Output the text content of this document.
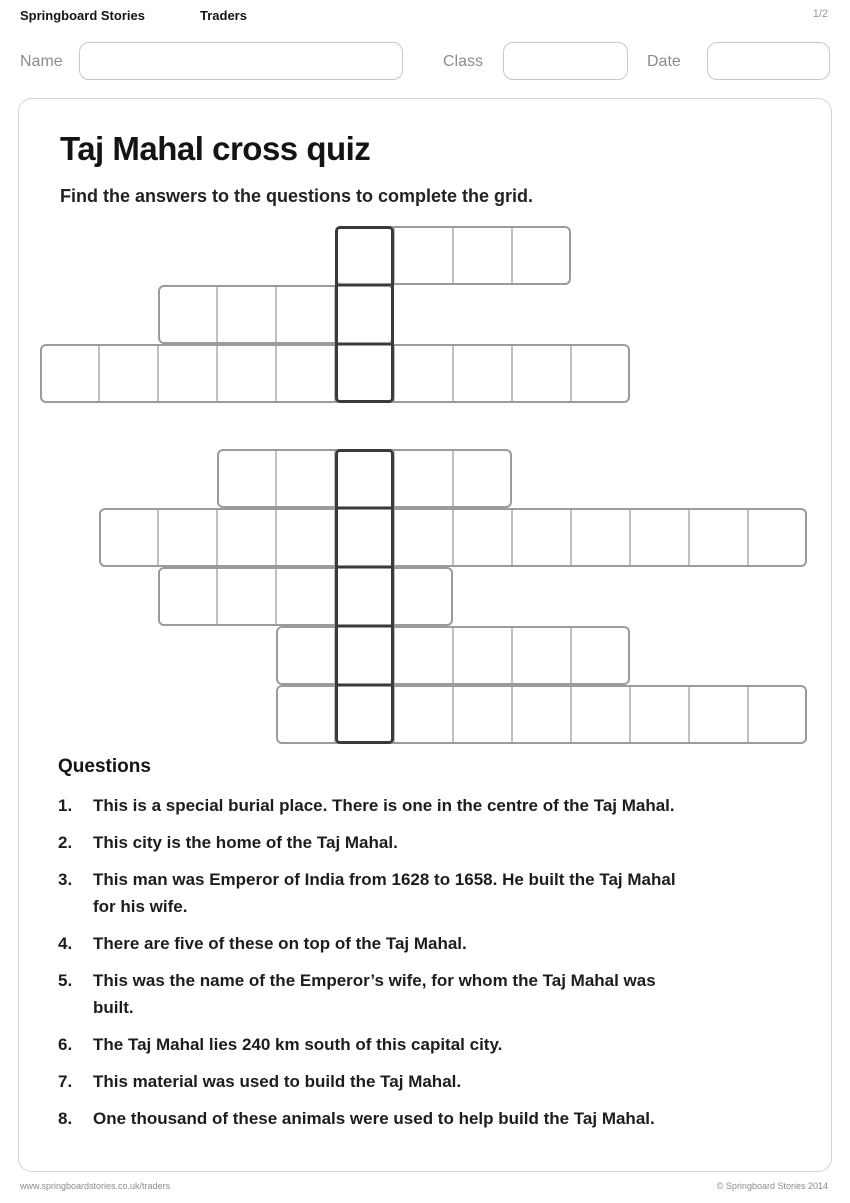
Springboard Stories	Traders	1/2
Name	Class	Date
Taj Mahal cross quiz

Find the answers to the questions to complete the grid.

Questions
1.	This is a special burial place. There is one in the centre of the Taj Mahal.
2.	This city is the home of the Taj Mahal.
3.	This man was Emperor of India from 1628 to 1658. He built the Taj Mahal
for his wife.
4.	There are five of these on top of the Taj Mahal.
5.	This was the name of the Emperor’s wife, for whom the Taj Mahal was
built.
6.	The Taj Mahal lies 240 km south of this capital city.
7.	This material was used to build the Taj Mahal.
8.	One thousand of these animals were used to help build the Taj Mahal.
www.springboardstories.co.uk/traders	© Springboard Stories 2014
